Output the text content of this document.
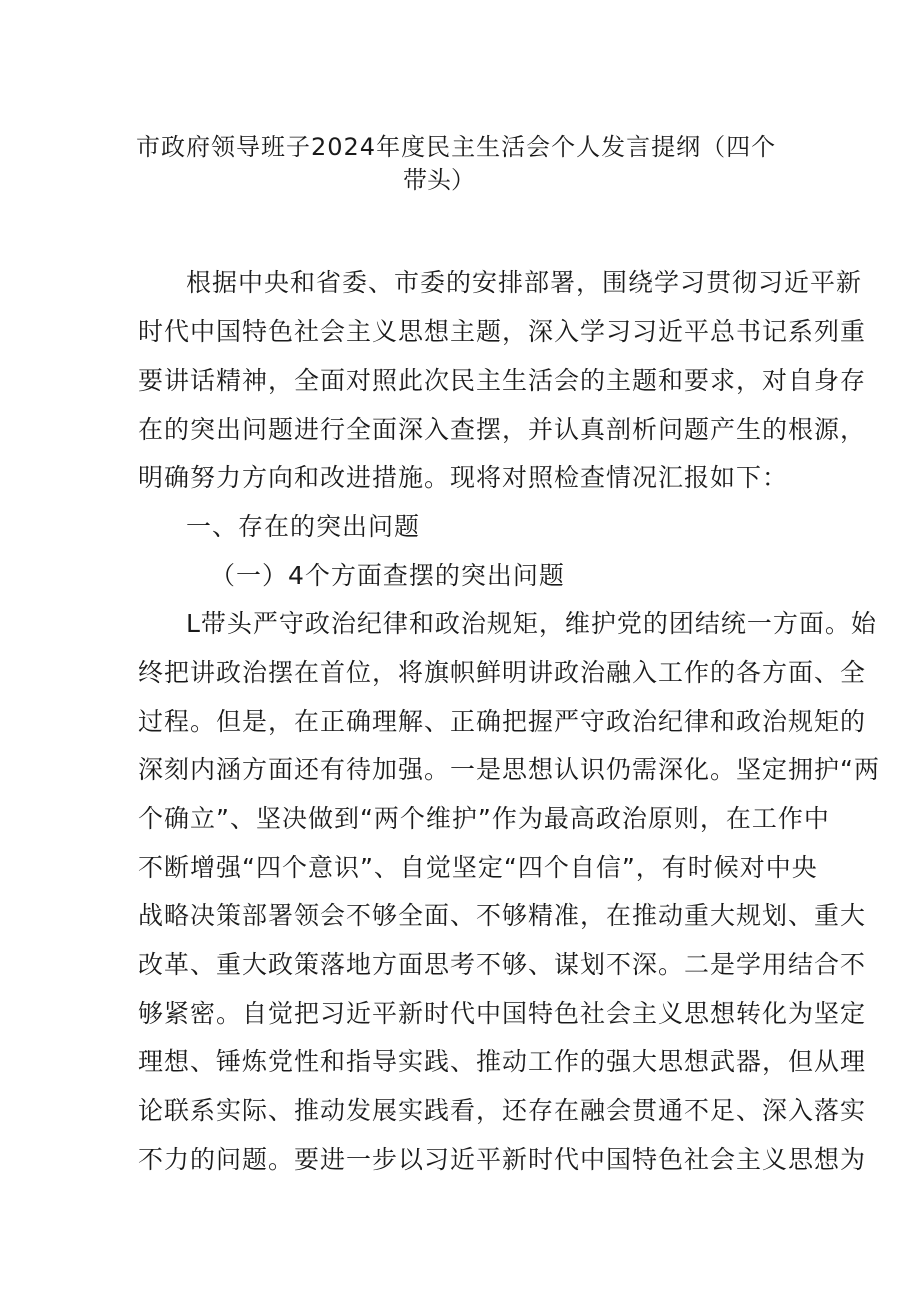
市政府领导班子2024年度民主生活会个人发言提纲（四个
带头）

根据中央和省委、市委的安排部署，围绕学习贯彻习近平新

时代中国特色社会主义思想主题，深入学习习近平总书记系列重

要讲话精神，全面对照此次民主生活会的主题和要求，对自身存

在的突出问题进行全面深入查摆，并认真剖析问题产生的根源，

明确努力方向和改进措施。现将对照检查情况汇报如下：

一、存在的突出问题

（一）4个方面查摆的突出问题

L带头严守政治纪律和政治规矩，维护党的团结统一方面。始

终把讲政治摆在首位，将旗帜鲜明讲政治融入工作的各方面、全

过程。但是，在正确理解、正确把握严守政治纪律和政治规矩的

深刻内涵方面还有待加强。一是思想认识仍需深化。坚定拥护“两

个确立”、坚决做到“两个维护”作为最高政治原则，在工作中

不断增强“四个意识”、自觉坚定“四个自信”，有时候对中央

战略决策部署领会不够全面、不够精准，在推动重大规划、重大

改革、重大政策落地方面思考不够、谋划不深。二是学用结合不

够紧密。自觉把习近平新时代中国特色社会主义思想转化为坚定

理想、锤炼党性和指导实践、推动工作的强大思想武器，但从理

论联系实际、推动发展实践看，还存在融会贯通不足、深入落实

不力的问题。要进一步以习近平新时代中国特色社会主义思想为
